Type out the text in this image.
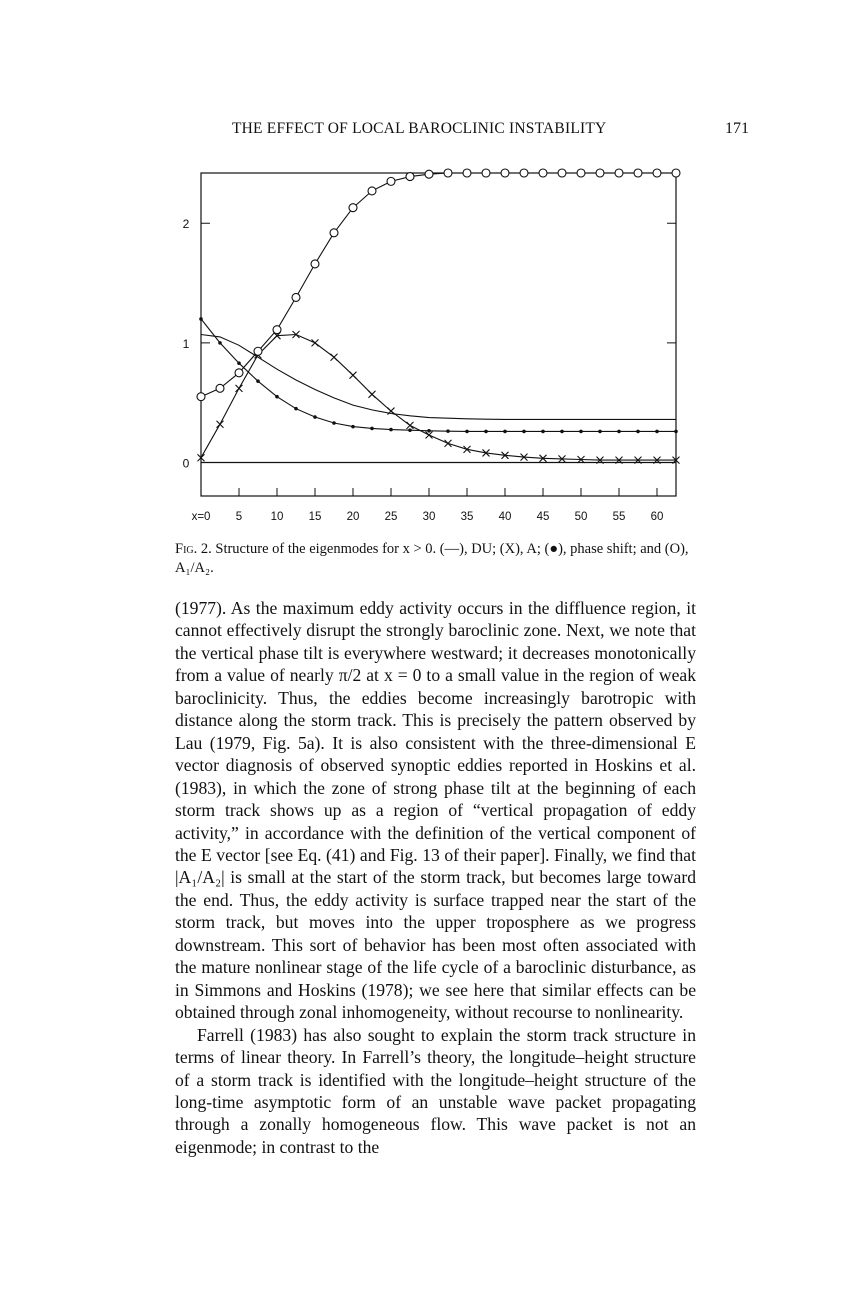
THE EFFECT OF LOCAL BAROCLINIC INSTABILITY	171
0
1
2
x=0 5 10 15 20 25 30 35 40 45 50 55 60
Fig. 2. Structure of the eigenmodes for x > 0. (—), DU; (X), A; (●), phase shift; and (O), A₁/A₂.

(1977). As the maximum eddy activity occurs in the diffluence region, it cannot effectively disrupt the strongly baroclinic zone. Next, we note that the vertical phase tilt is everywhere westward; it decreases monotonically from a value of nearly π/2 at x = 0 to a small value in the region of weak baroclinicity. Thus, the eddies become increasingly barotropic with distance along the storm track. This is precisely the pattern observed by Lau (1979, Fig. 5a). It is also consistent with the three-dimensional E vector diagnosis of observed synoptic eddies reported in Hoskins et al. (1983), in which the zone of strong phase tilt at the beginning of each storm track shows up as a region of “vertical propagation of eddy activity,” in accordance with the definition of the vertical component of the E vector [see Eq. (41) and Fig. 13 of their paper]. Finally, we find that |A₁/A₂| is small at the start of the storm track, but becomes large toward the end. Thus, the eddy activity is surface trapped near the start of the storm track, but moves into the upper troposphere as we progress downstream. This sort of behavior has been most often associated with the mature nonlinear stage of the life cycle of a baroclinic disturbance, as in Simmons and Hoskins (1978); we see here that similar effects can be obtained through zonal inhomogeneity, without recourse to nonlinearity.

Farrell (1983) has also sought to explain the storm track structure in terms of linear theory. In Farrell’s theory, the longitude–height structure of a storm track is identified with the longitude–height structure of the long-time asymptotic form of an unstable wave packet propagating through a zonally homogeneous flow. This wave packet is not an eigenmode; in contrast to the
